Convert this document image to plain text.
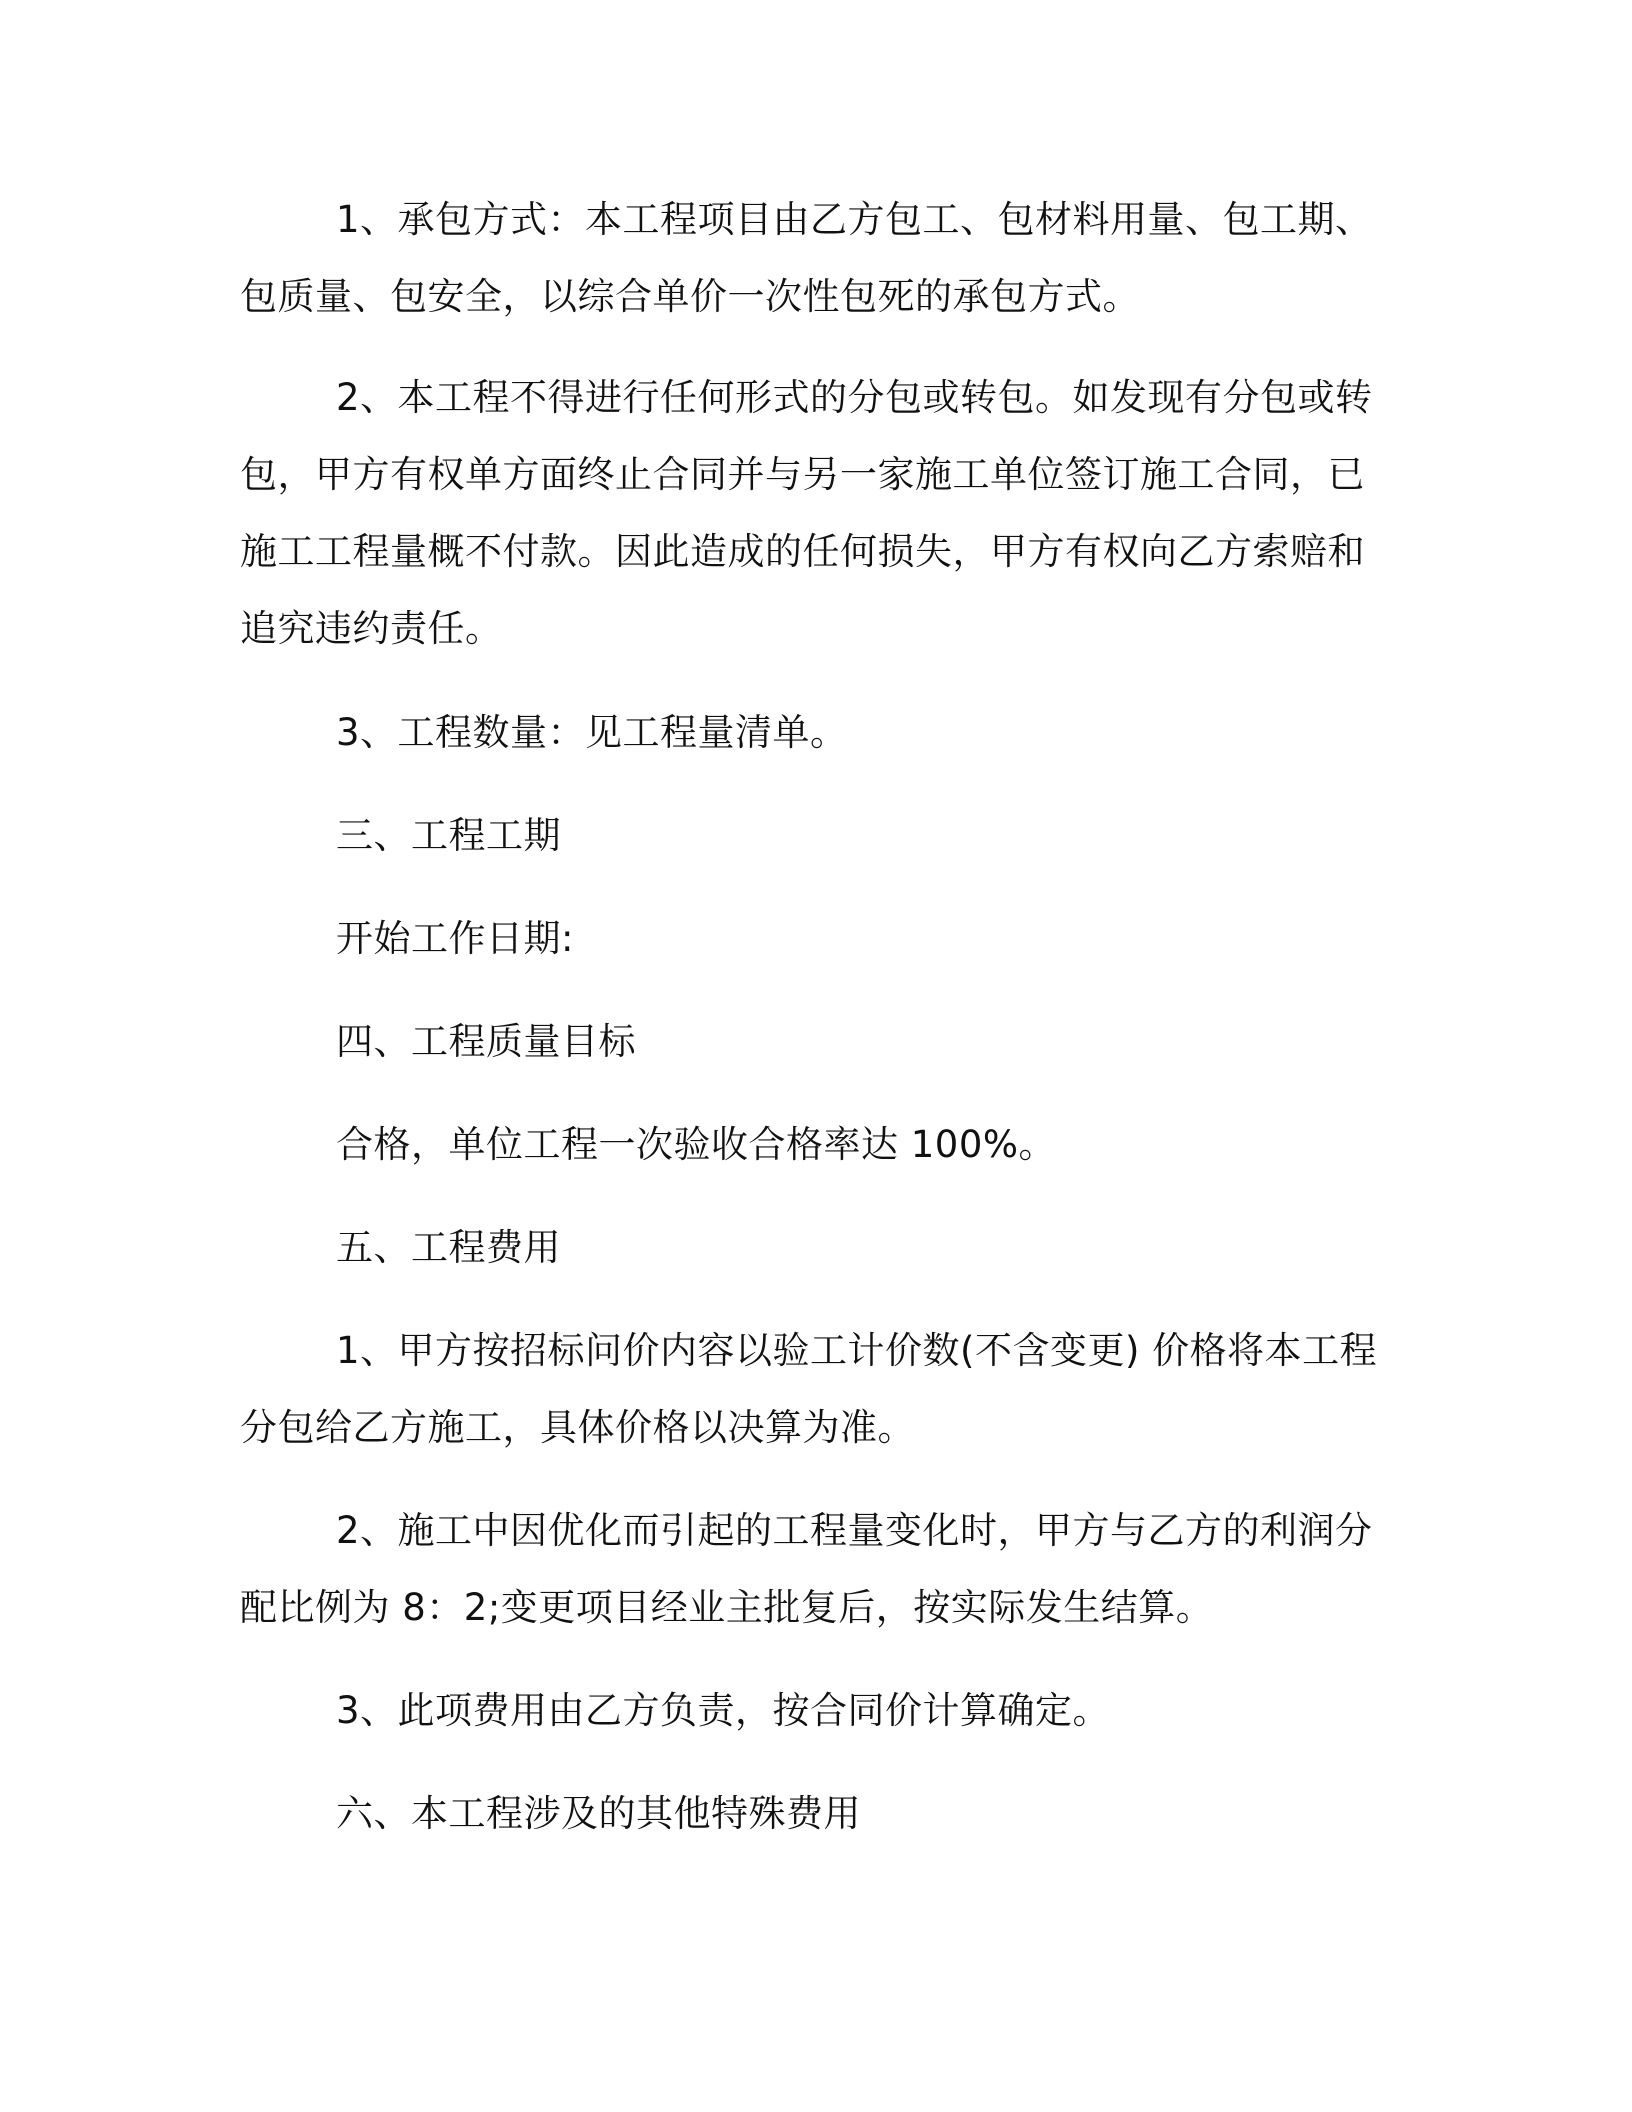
1、承包方式：本工程项目由乙方包工、包材料用量、包工期、
包质量、包安全，以综合单价一次性包死的承包方式。

2、本工程不得进行任何形式的分包或转包。如发现有分包或转
包，甲方有权单方面终止合同并与另一家施工单位签订施工合同，已
施工工程量概不付款。因此造成的任何损失，甲方有权向乙方索赔和
追究违约责任。

3、工程数量：见工程量清单。

三、工程工期

开始工作日期:

四、工程质量目标

合格，单位工程一次验收合格率达 100%。

五、工程费用

1、甲方按招标问价内容以验工计价数(不含变更) 价格将本工程
分包给乙方施工，具体价格以决算为准。

2、施工中因优化而引起的工程量变化时，甲方与乙方的利润分
配比例为 8：2;变更项目经业主批复后，按实际发生结算。

3、此项费用由乙方负责，按合同价计算确定。

六、本工程涉及的其他特殊费用
